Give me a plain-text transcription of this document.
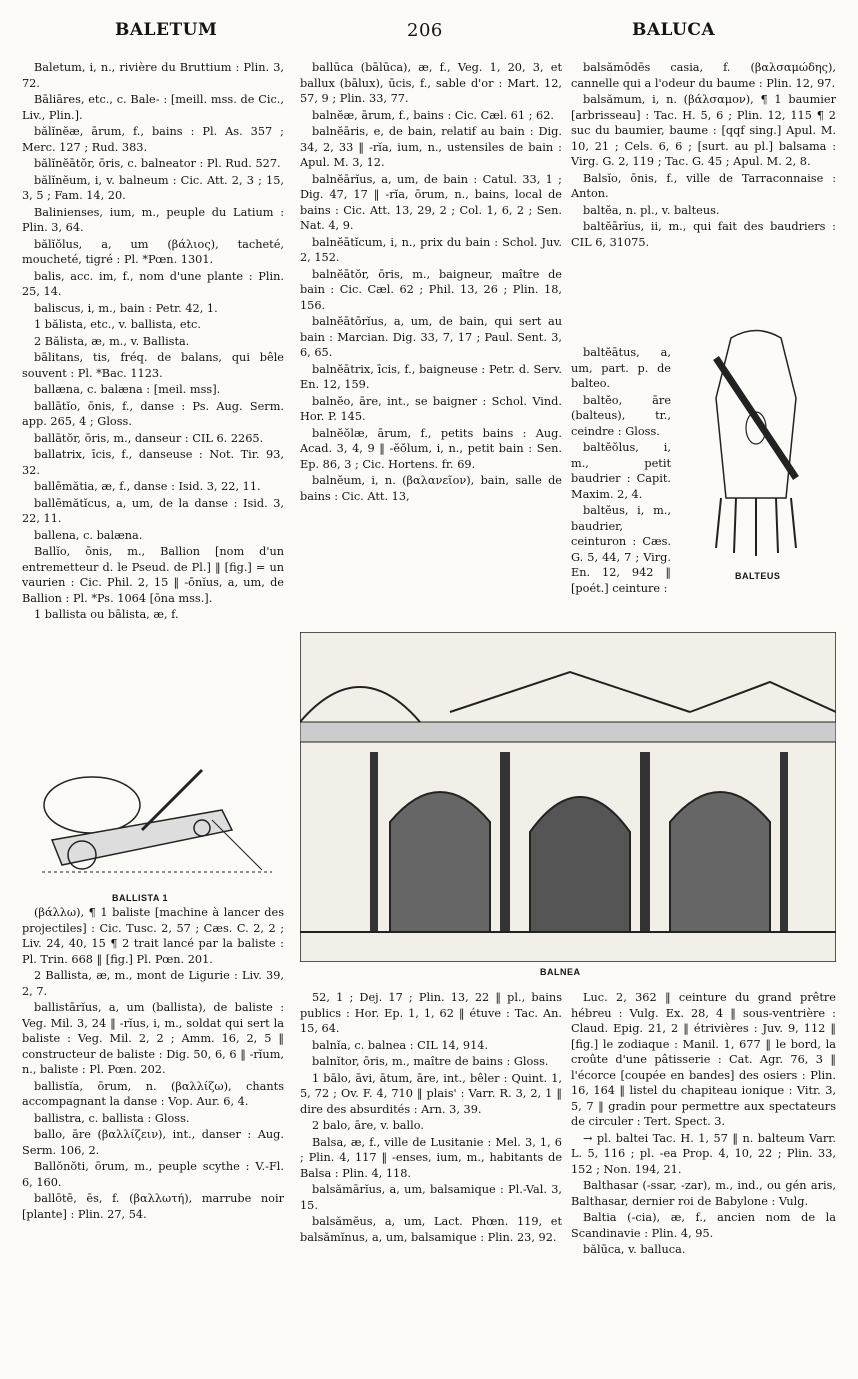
BALETUM	206	BALUCA
Baletum, i, n., rivière du Bruttium : Plin. 3, 72.
Bāliāres, etc., c. Bale- : [meill. mss. de Cic., Liv., Plin.].
bălĭnĕæ, ārum, f., bains : Pl. As. 357 ; Merc. 127 ; Rud. 383.
bălĭnĕātŏr, ōris, c. balneator : Pl. Rud. 527.
bălĭnĕum, i, v. balneum : Cic. Att. 2, 3 ; 15, 3, 5 ; Fam. 14, 20.
Balinienses, ium, m., peuple du Latium : Plin. 3, 64.
bălĭŏlus, a, um (βάλιος), tacheté, moucheté, tigré : Pl. *Pœn. 1301.
balis, acc. im, f., nom d'une plante : Plin. 25, 14.
baliscus, i, m., bain : Petr. 42, 1.
1 bălista, etc., v. ballista, etc.
2 Bălista, æ, m., v. Ballista.
bālitans, tis, fréq. de balans, qui bêle souvent : Pl. *Bac. 1123.
ballæna, c. balæna : [meil. mss].
ballātĭo, ōnis, f., danse : Ps. Aug. Serm. app. 265, 4 ; Gloss.
ballātŏr, ōris, m., danseur : CIL 6. 2265.
ballatrix, īcis, f., danseuse : Not. Tir. 93, 32.
ballēmătia, æ, f., danse : Isid. 3, 22, 11.
ballēmătĭcus, a, um, de la danse : Isid. 3, 22, 11.
ballena, c. balæna.
Ballĭo, ōnis, m., Ballion [nom d'un entremetteur d. le Pseud. de Pl.] ‖ [fig.] = un vaurien : Cic. Phil. 2, 15 ‖ -ōnĭus, a, um, de Ballion : Pl. *Ps. 1064 [ōna mss.].
1 ballista ou bālista, æ, f.
(βάλλω), ¶ 1 baliste [machine à lancer des projectiles] : Cic. Tusc. 2, 57 ; Cæs. C. 2, 2 ; Liv. 24, 40, 15 ¶ 2 trait lancé par la baliste : Pl. Trin. 668 ‖ [fig.] Pl. Pœn. 201.
2 Ballista, æ, m., mont de Ligurie : Liv. 39, 2, 7.
ballistārĭus, a, um (ballista), de baliste : Veg. Mil. 3, 24 ‖ -rĭus, i, m., soldat qui sert la baliste : Veg. Mil. 2, 2 ; Amm. 16, 2, 5 ‖ constructeur de baliste : Dig. 50, 6, 6 ‖ -rĭum, n., baliste : Pl. Pœn. 202.
ballistĭa, ōrum, n. (βαλλίζω), chants accompagnant la danse : Vop. Aur. 6, 4.
ballistra, c. ballista : Gloss.
ballo, āre (βαλλίζειν), int., danser : Aug. Serm. 106, 2.
Ballŏnŏti, ōrum, m., peuple scythe : V.-Fl. 6, 160.
ballōtē, ēs, f. (βαλλωτή), marrube noir [plante] : Plin. 27, 54.
ballūca (bālūca), æ, f., Veg. 1, 20, 3, et ballux (bālux), ūcis, f., sable d'or : Mart. 12, 57, 9 ; Plin. 33, 77.
balnĕæ, ārum, f., bains : Cic. Cæl. 61 ; 62.
balnĕāris, e, de bain, relatif au bain : Dig. 34, 2, 33 ‖ -rĭa, ium, n., ustensiles de bain : Apul. M. 3, 12.
balnĕārĭus, a, um, de bain : Catul. 33, 1 ; Dig. 47, 17 ‖ -rĭa, ōrum, n., bains, local de bains : Cic. Att. 13, 29, 2 ; Col. 1, 6, 2 ; Sen. Nat. 4, 9.
balnĕātĭcum, i, n., prix du bain : Schol. Juv. 2, 152.
balnĕātŏr, ōris, m., baigneur, maître de bain : Cic. Cæl. 62 ; Phil. 13, 26 ; Plin. 18, 156.
balnĕātōrĭus, a, um, de bain, qui sert au bain : Marcian. Dig. 33, 7, 17 ; Paul. Sent. 3, 6, 65.
balnĕātrix, īcis, f., baigneuse : Petr. d. Serv. En. 12, 159.
balnĕo, āre, int., se baigner : Schol. Vind. Hor. P. 145.
balnĕŏlæ, ārum, f., petits bains : Aug. Acad. 3, 4, 9 ‖ -ĕŏlum, i, n., petit bain : Sen. Ep. 86, 3 ; Cic. Hortens. fr. 69.
balnĕum, i, n. (βαλανεῖον), bain, salle de bains : Cic. Att. 13,
52, 1 ; Dej. 17 ; Plin. 13, 22 ‖ pl., bains publics : Hor. Ep. 1, 1, 62 ‖ étuve : Tac. An. 15, 64.
balnĭa, c. balnea : CIL 14, 914.
balnĭtor, ōris, m., maître de bains : Gloss.
1 bālo, āvi, ātum, āre, int., bêler : Quint. 1, 5, 72 ; Ov. F. 4, 710 ‖ plais' : Varr. R. 3, 2, 1 ‖ dire des absurdités : Arn. 3, 39.
2 balo, āre, v. ballo.
Balsa, æ, f., ville de Lusitanie : Mel. 3, 1, 6 ; Plin. 4, 117 ‖ -enses, ium, m., habitants de Balsa : Plin. 4, 118.
balsămārĭus, a, um, balsamique : Pl.-Val. 3, 15.
balsămĕus, a, um, Lact. Phœn. 119, et balsămĭnus, a, um, balsamique : Plin. 23, 92.
balsămōdēs casia, f. (βαλσαμώδης), cannelle qui a l'odeur du baume : Plin. 12, 97.
balsămum, i, n. (βάλσαμον), ¶ 1 baumier [arbrisseau] : Tac. H. 5, 6 ; Plin. 12, 115 ¶ 2 suc du baumier, baume : [qqf sing.] Apul. M. 10, 21 ; Cels. 6, 6 ; [surt. au pl.] balsama : Virg. G. 2, 119 ; Tac. G. 45 ; Apul. M. 2, 8.
Balsĭo, ōnis, f., ville de Tarraconnaise : Anton.
baltĕa, n. pl., v. balteus.
baltĕārĭus, ii, m., qui fait des baudriers : CIL 6, 31075.
baltĕātus, a, um, part. p. de balteo.
baltĕo, āre (balteus), tr., ceindre : Gloss.
baltĕŏlus, i, m., petit baudrier : Capit. Maxim. 2, 4.
baltĕus, i, m., baudrier, ceinturon : Cæs. G. 5, 44, 7 ; Virg. En. 12, 942 ‖ [poét.] ceinture :
Luc. 2, 362 ‖ ceinture du grand prêtre hébreu : Vulg. Ex. 28, 4 ‖ sous-ventrière : Claud. Epig. 21, 2 ‖ étrivières : Juv. 9, 112 ‖ [fig.] le zodiaque : Manil. 1, 677 ‖ le bord, la croûte d'une pâtisserie : Cat. Agr. 76, 3 ‖ l'écorce [coupée en bandes] des osiers : Plin. 16, 164 ‖ listel du chapiteau ionique : Vitr. 3, 5, 7 ‖ gradin pour permettre aux spectateurs de circuler : Tert. Spect. 3.
→ pl. baltei Tac. H. 1, 57 ‖ n. balteum Varr. L. 5, 116 ; pl. -ea Prop. 4, 10, 22 ; Plin. 33, 152 ; Non. 194, 21.
Balthasar (-ssar, -zar), m., ind., ou gén aris, Balthasar, dernier roi de Babylone : Vulg.
Baltia (-cia), æ, f., ancien nom de la Scandinavie : Plin. 4, 95.
bălūca, v. balluca.
BALLISTA 1
BALTEUS
BALNEA
